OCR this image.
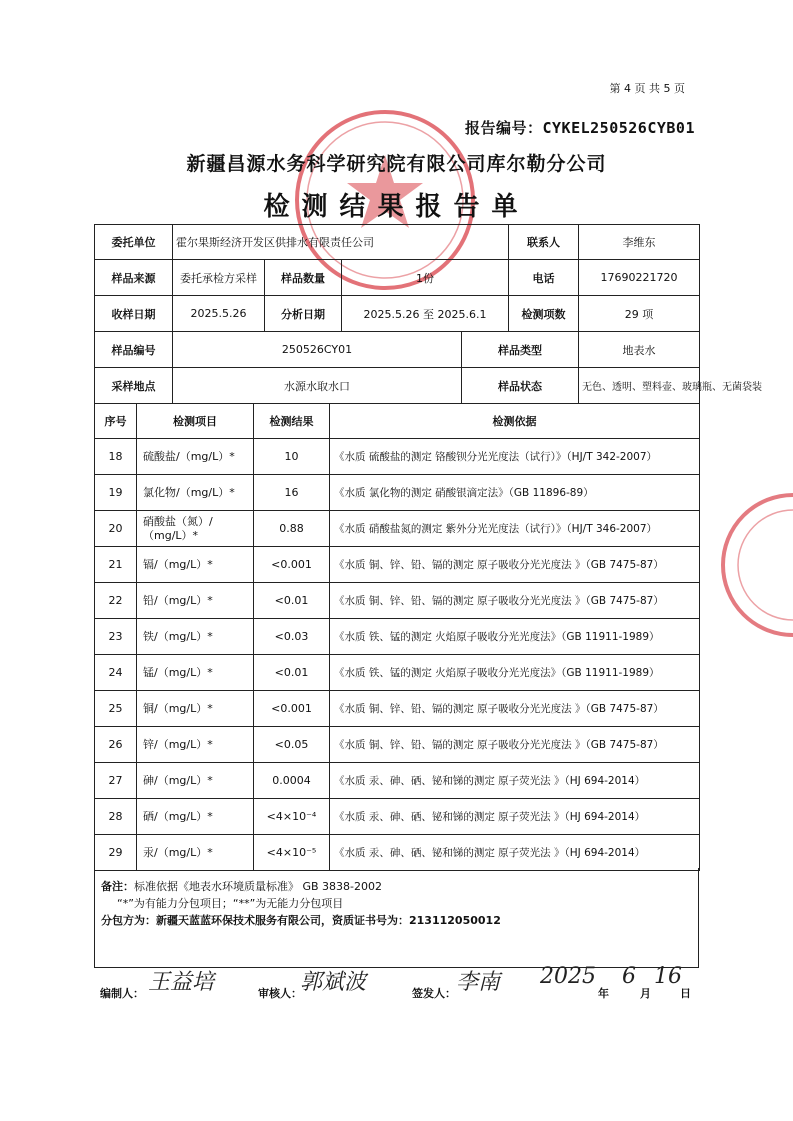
第 4 页 共 5 页
报告编号：CYKEL250526CYB01
新疆昌源水务科学研究院有限公司库尔勒分公司
检测结果报告单
委托单位	霍尔果斯经济开发区供排水有限责任公司				联系人	李维东
样品来源	委托承检方采样	样品数量	1份		电话	17690221720
收样日期	2025.5.26	分析日期	2025.5.26 至 2025.6.1		检测项数	29 项
样品编号	250526CY01			样品类型		地表水
采样地点	水源水取水口			样品状态		无色、透明、塑料壶、玻璃瓶、无菌袋装
序号	检测项目	检测结果	检测依据
18	硫酸盐/（mg/L）*	10	《水质 硫酸盐的测定 铬酸钡分光光度法（试行）》（HJ/T 342-2007）
19	氯化物/（mg/L）*	16	《水质 氯化物的测定 硝酸银滴定法》（GB 11896-89）
20	硝酸盐（氮）/（mg/L）*	0.88	《水质 硝酸盐氮的测定 紫外分光光度法（试行）》（HJ/T 346-2007）
21	镉/（mg/L）*	<0.001	《水质 铜、锌、铅、镉的测定 原子吸收分光光度法 》（GB 7475-87）
22	铅/（mg/L）*	<0.01	《水质 铜、锌、铅、镉的测定 原子吸收分光光度法 》（GB 7475-87）
23	铁/（mg/L）*	<0.03	《水质 铁、锰的测定 火焰原子吸收分光光度法》（GB 11911-1989）
24	锰/（mg/L）*	<0.01	《水质 铁、锰的测定 火焰原子吸收分光光度法》（GB 11911-1989）
25	铜/（mg/L）*	<0.001	《水质 铜、锌、铅、镉的测定 原子吸收分光光度法 》（GB 7475-87）
26	锌/（mg/L）*	<0.05	《水质 铜、锌、铅、镉的测定 原子吸收分光光度法 》（GB 7475-87）
27	砷/（mg/L）*	0.0004	《水质 汞、砷、硒、铋和锑的测定 原子荧光法 》（HJ 694-2014）
28	硒/（mg/L）*	<4×10⁻⁴	《水质 汞、砷、硒、铋和锑的测定 原子荧光法 》（HJ 694-2014）
29	汞/（mg/L）*	<4×10⁻⁵	《水质 汞、砷、硒、铋和锑的测定 原子荧光法 》（HJ 694-2014）
备注：标准依据《地表水环境质量标准》 GB 3838-2002
“*”为有能力分包项目；“**”为无能力分包项目
分包方为：新疆天蓝蓝环保技术服务有限公司，资质证书号为：213112050012
编制人： 王益培	审核人：
郭斌波	签发人： 李南 2025
年
6
月
16
日
